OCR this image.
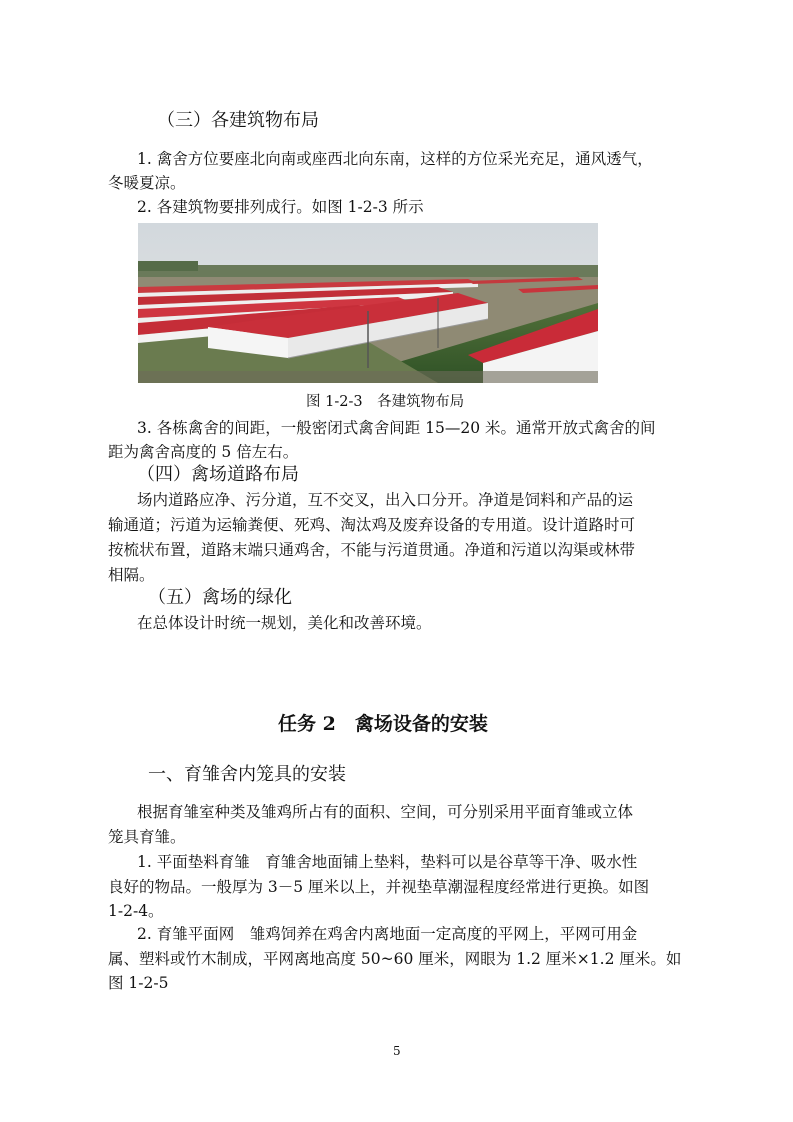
（三）各建筑物布局
1. 禽舍方位要座北向南或座西北向东南，这样的方位采光充足，通风透气，
冬暖夏凉。
2. 各建筑物要排列成行。如图 1-2-3 所示
图 1-2-3　各建筑物布局
3. 各栋禽舍的间距，一般密闭式禽舍间距 15—20 米。通常开放式禽舍的间
距为禽舍高度的 5 倍左右。
（四）禽场道路布局
场内道路应净、污分道，互不交叉，出入口分开。净道是饲料和产品的运
输通道；污道为运输粪便、死鸡、淘汰鸡及废弃设备的专用道。设计道路时可
按梳状布置，道路末端只通鸡舍，不能与污道贯通。净道和污道以沟渠或林带
相隔。
（五）禽场的绿化
在总体设计时统一规划，美化和改善环境。
任务 2　禽场设备的安装
一、育雏舍内笼具的安装
根据育雏室种类及雏鸡所占有的面积、空间，可分别采用平面育雏或立体
笼具育雏。
1. 平面垫料育雏　育雏舍地面铺上垫料，垫料可以是谷草等干净、吸水性
良好的物品。一般厚为 3－5 厘米以上，并视垫草潮湿程度经常进行更换。如图
1-2-4。
2. 育雏平面网　雏鸡饲养在鸡舍内离地面一定高度的平网上，平网可用金
属、塑料或竹木制成，平网离地高度 50~60 厘米，网眼为 1.2 厘米×1.2 厘米。如
图 1-2-5
5
